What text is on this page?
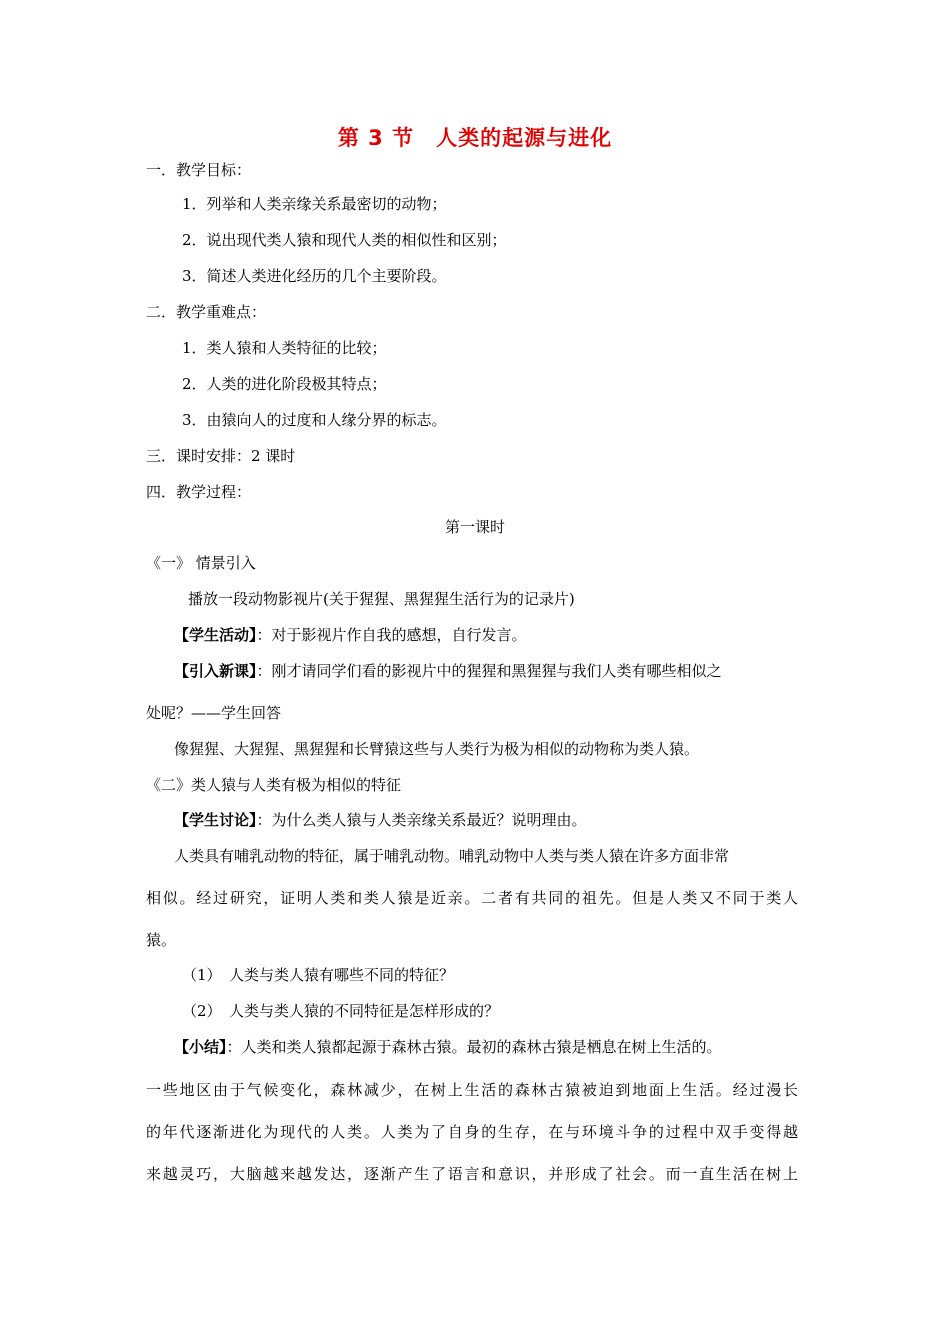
第 3 节　人类的起源与进化
一．教学目标：
1．列举和人类亲缘关系最密切的动物；
2．说出现代类人猿和现代人类的相似性和区别；
3．简述人类进化经历的几个主要阶段。
二．教学重难点：
1．类人猿和人类特征的比较；
2．人类的进化阶段极其特点；
3．由猿向人的过度和人缘分界的标志。
三．课时安排：2 课时
四．教学过程：
第一课时
《一》 情景引入
播放一段动物影视片(关于猩猩、黑猩猩生活行为的记录片)
【学生活动】：对于影视片作自我的感想，自行发言。
【引入新课】：刚才请同学们看的影视片中的猩猩和黑猩猩与我们人类有哪些相似之
处呢？——学生回答
像猩猩、大猩猩、黑猩猩和长臂猿这些与人类行为极为相似的动物称为类人猿。
《二》类人猿与人类有极为相似的特征
【学生讨论】：为什么类人猿与人类亲缘关系最近？说明理由。
人类具有哺乳动物的特征，属于哺乳动物。哺乳动物中人类与类人猿在许多方面非常
相似。经过研究，证明人类和类人猿是近亲。二者有共同的祖先。但是人类又不同于类人
猿。
（1）　人类与类人猿有哪些不同的特征？
（2）　人类与类人猿的不同特征是怎样形成的？
【小结】：人类和类人猿都起源于森林古猿。最初的森林古猿是栖息在树上生活的。
一些地区由于气候变化，森林减少，在树上生活的森林古猿被迫到地面上生活。经过漫长
的年代逐渐进化为现代的人类。人类为了自身的生存，在与环境斗争的过程中双手变得越
来越灵巧，大脑越来越发达，逐渐产生了语言和意识，并形成了社会。而一直生活在树上
